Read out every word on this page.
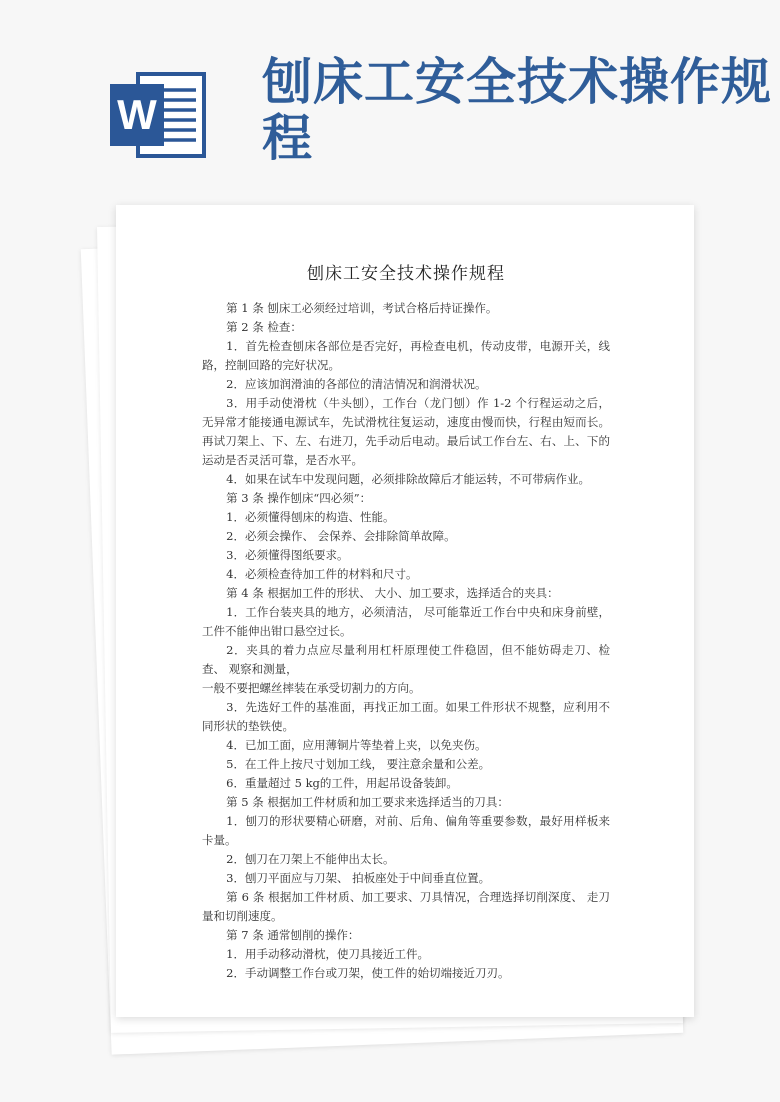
W
刨床工安全技术操作规程
刨床工安全技术操作规程

第 1 条 刨床工必须经过培训，考试合格后持证操作。

第 2 条 检查：

1．首先检查刨床各部位是否完好，再检查电机，传动皮带，电源开关，线路，控制回路的完好状况。

2．应该加润滑油的各部位的清洁情况和润滑状况。

3．用手动使滑枕（牛头刨），工作台（龙门刨）作 1-2 个行程运动之后，无异常才能接通电源试车，先试滑枕往复运动，速度由慢而快，行程由短而长。再试刀架上、下、左、右进刀，先手动后电动。最后试工作台左、右、上、下的运动是否灵活可靠，是否水平。

4．如果在试车中发现问题，必须排除故障后才能运转，不可带病作业。

第 3 条 操作刨床“四必须”：

1．必须懂得刨床的构造、性能。

2．必须会操作、 会保养、会排除简单故障。

3．必须懂得图纸要求。

4．必须检查待加工件的材料和尺寸。

第 4 条 根据加工件的形状、 大小、加工要求，选择适合的夹具：

1．工作台装夹具的地方，必须清洁， 尽可能靠近工作台中央和床身前壁，工件不能伸出钳口悬空过长。

2．夹具的着力点应尽量利用杠杆原理使工件稳固，但不能妨碍走刀、检查、 观察和测量，

一般不要把螺丝摔装在承受切割力的方向。

3．先选好工件的基准面，再找正加工面。如果工件形状不规整，应利用不同形状的垫铁使。

4．已加工面，应用薄铜片等垫着上夹，以免夹伤。

5．在工件上按尺寸划加工线， 要注意余量和公差。

6．重量超过 5 kg的工件，用起吊设备装卸。

第 5 条 根据加工件材质和加工要求来选择适当的刀具：

1．刨刀的形状要精心研磨，对前、后角、偏角等重要参数，最好用样板来卡量。

2．刨刀在刀架上不能伸出太长。

3．刨刀平面应与刀架、 拍板座处于中间垂直位置。

第 6 条 根据加工件材质、加工要求、刀具情况，合理选择切削深度、 走刀量和切削速度。

第 7 条 通常刨削的操作：

1．用手动移动滑枕，使刀具接近工件。

2．手动调整工作台或刀架，使工件的始切端接近刀刃。
